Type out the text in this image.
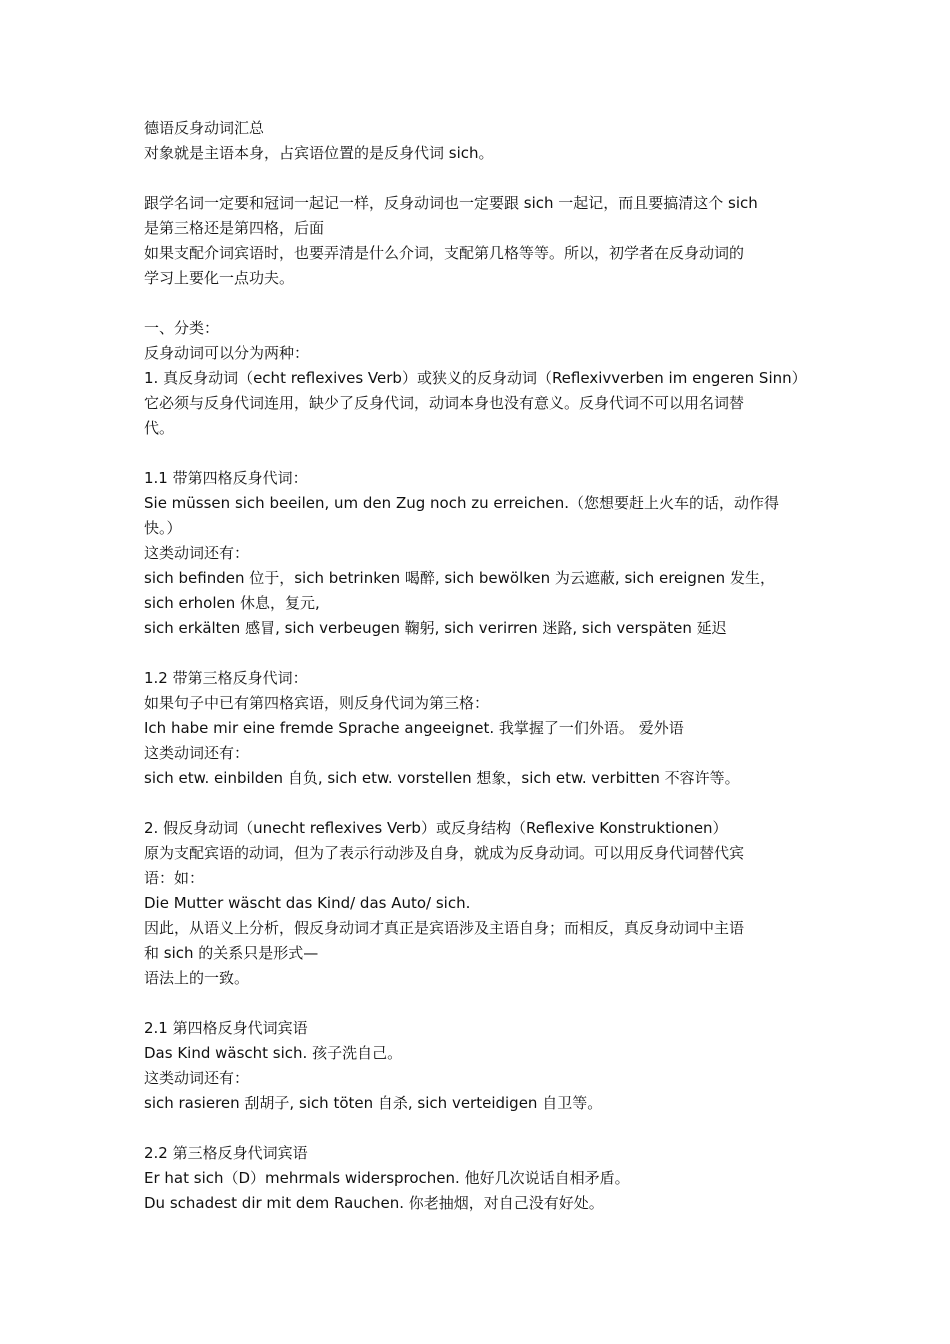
德语反身动词汇总
对象就是主语本身，占宾语位置的是反身代词 sich。
跟学名词一定要和冠词一起记一样，反身动词也一定要跟 sich 一起记，而且要搞清这个 sich
是第三格还是第四格，后面
如果支配介词宾语时，也要弄清是什么介词，支配第几格等等。所以，初学者在反身动词的
学习上要化一点功夫。
一、分类：
反身动词可以分为两种：
1. 真反身动词（echt reflexives Verb）或狭义的反身动词（Reflexivverben im engeren Sinn）
它必须与反身代词连用，缺少了反身代词，动词本身也没有意义。反身代词不可以用名词替
代。
1.1 带第四格反身代词：
Sie müssen sich beeilen, um den Zug noch zu erreichen.（您想要赶上火车的话，动作得
快。）
这类动词还有：
sich befinden 位于，sich betrinken 喝醉, sich bewölken 为云遮蔽, sich ereignen 发生，
sich erholen 休息，复元,
sich erkälten 感冒, sich verbeugen 鞠躬, sich verirren 迷路, sich verspäten 延迟
1.2 带第三格反身代词：
如果句子中已有第四格宾语，则反身代词为第三格：
Ich habe mir eine fremde Sprache angeeignet. 我掌握了一们外语。 爱外语
这类动词还有：
sich etw. einbilden 自负, sich etw. vorstellen 想象，sich etw. verbitten 不容许等。
2. 假反身动词（unecht reflexives Verb）或反身结构（Reflexive Konstruktionen）
原为支配宾语的动词，但为了表示行动涉及自身，就成为反身动词。可以用反身代词替代宾
语：如：
Die Mutter wäscht das Kind/ das Auto/ sich.
因此，从语义上分析，假反身动词才真正是宾语涉及主语自身；而相反，真反身动词中主语
和 sich 的关系只是形式—
语法上的一致。
2.1 第四格反身代词宾语
Das Kind wäscht sich. 孩子洗自己。
这类动词还有：
sich rasieren 刮胡子, sich töten 自杀, sich verteidigen 自卫等。
2.2 第三格反身代词宾语
Er hat sich（D）mehrmals widersprochen. 他好几次说话自相矛盾。
Du schadest dir mit dem Rauchen. 你老抽烟，对自己没有好处。
